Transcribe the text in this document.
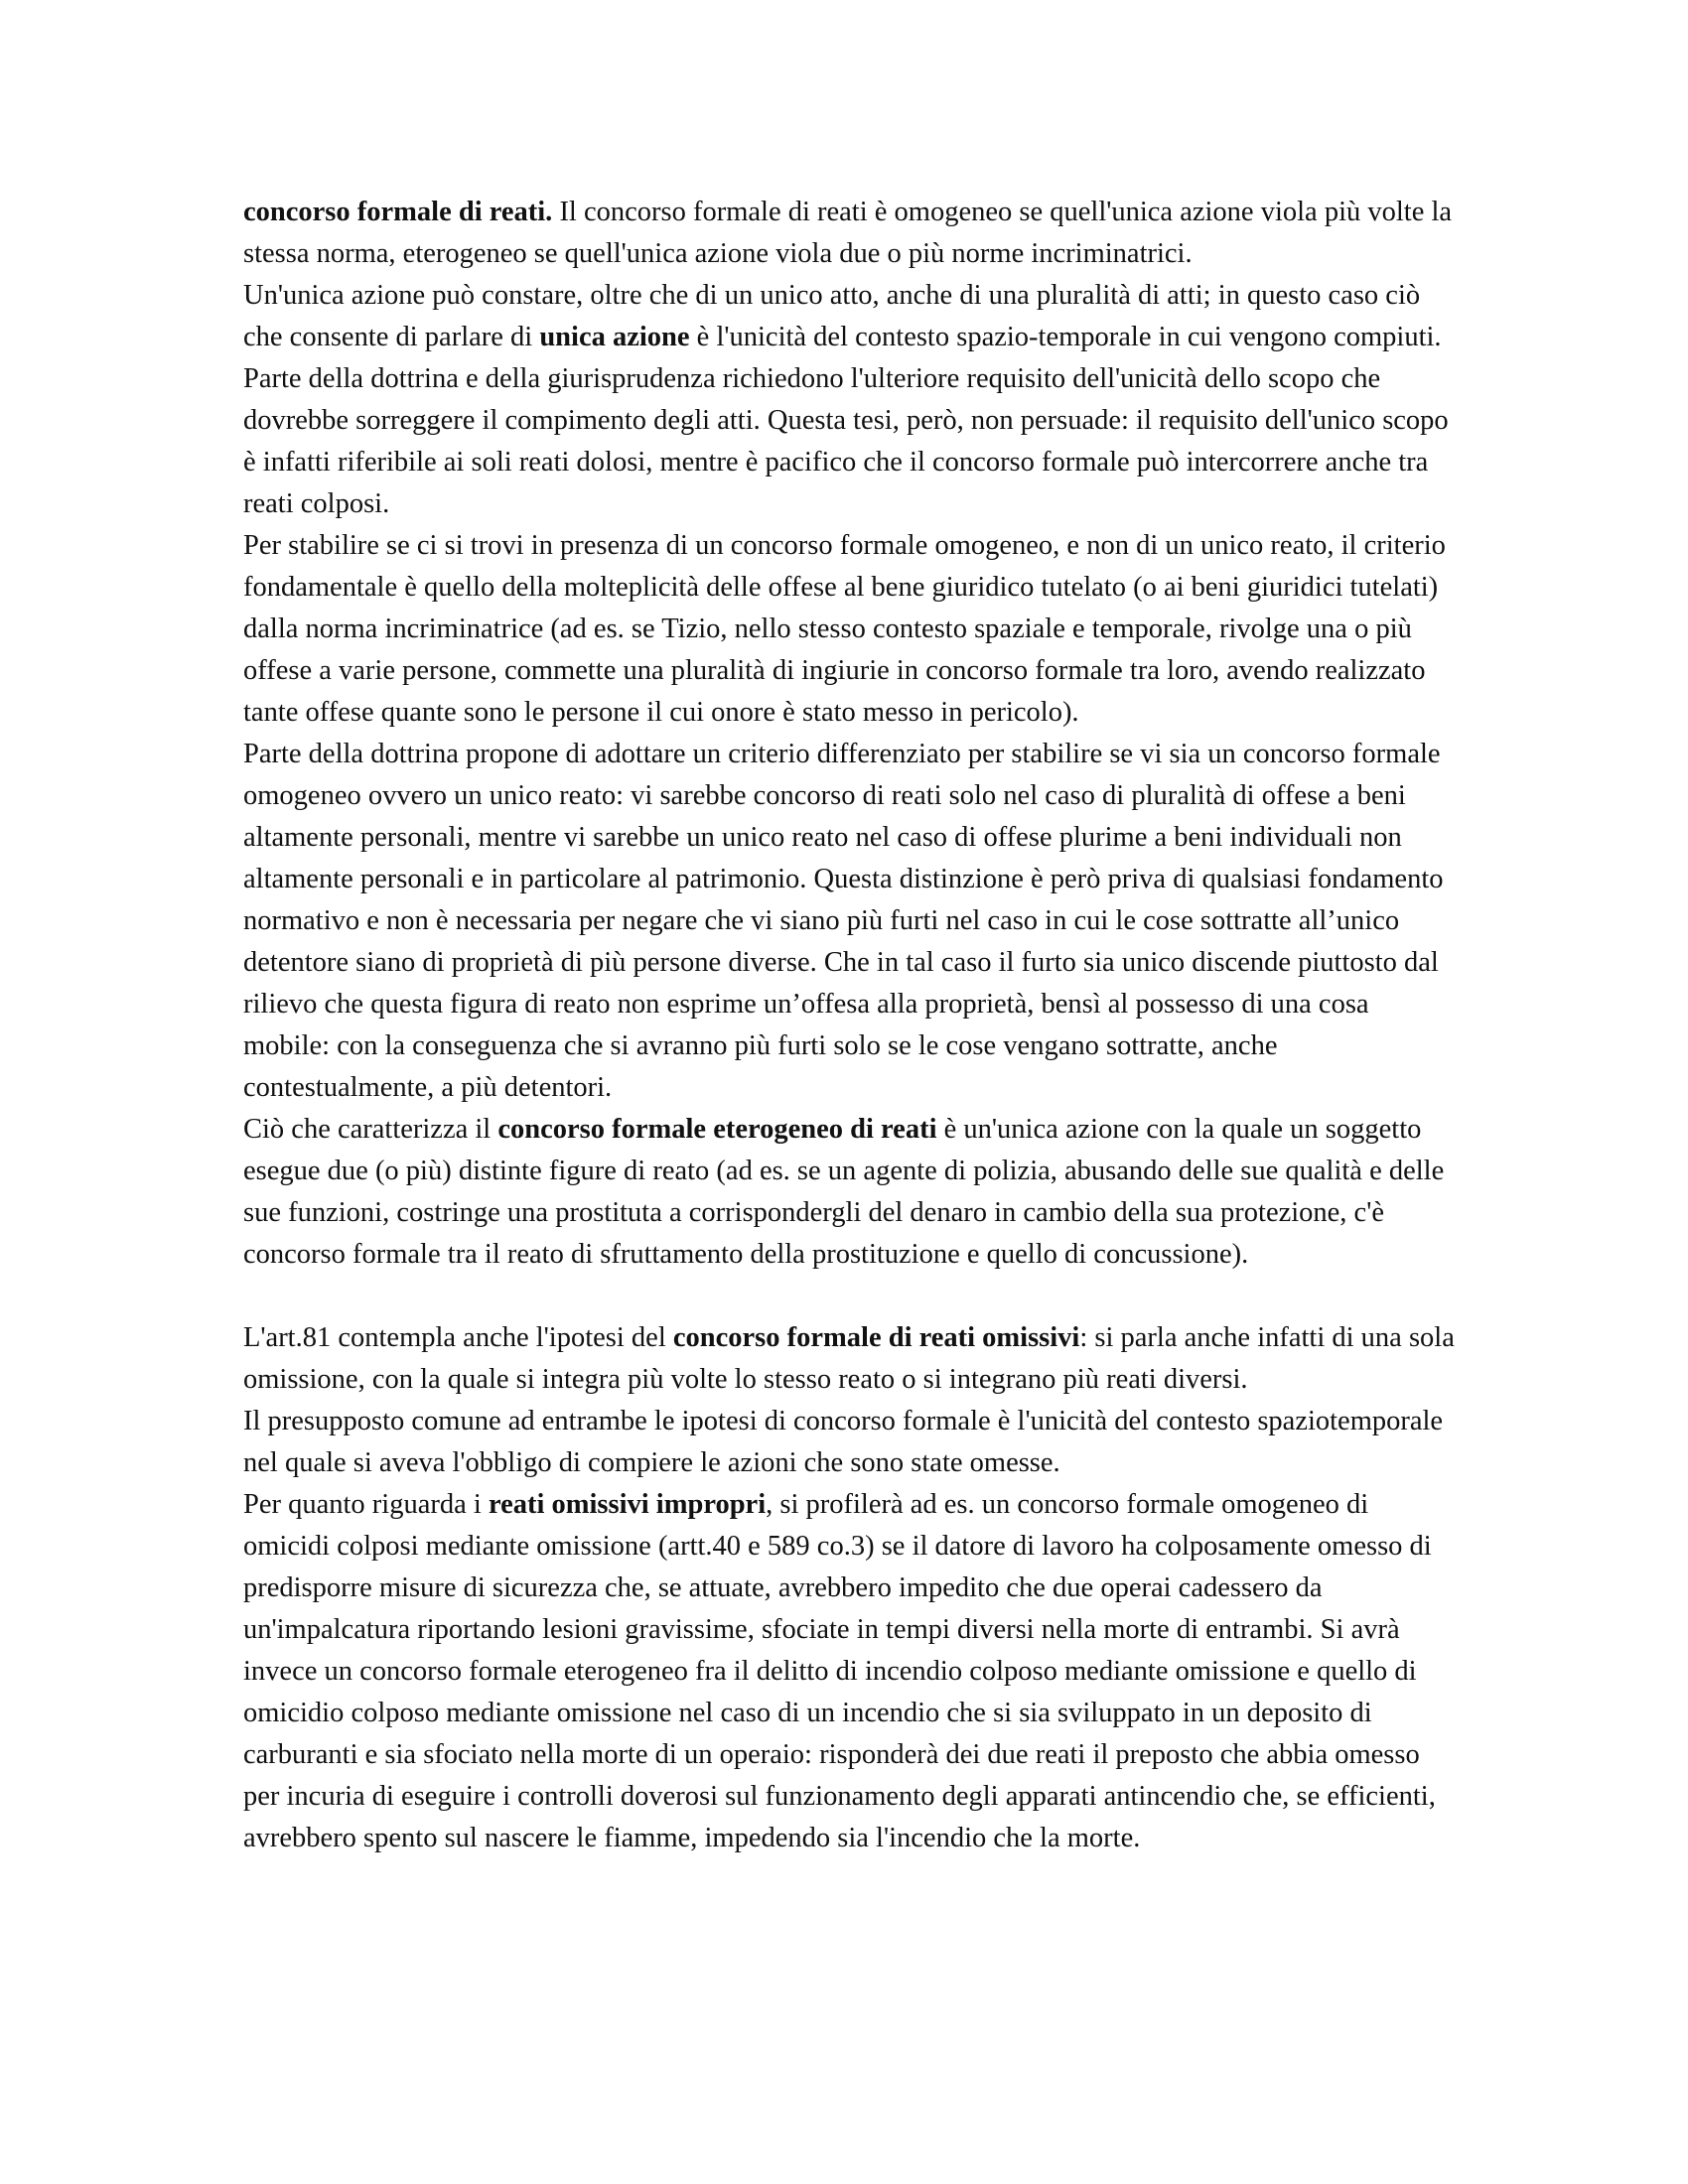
concorso formale di reati. Il concorso formale di reati è omogeneo se quell'unica azione viola più volte la stessa norma, eterogeneo se quell'unica azione viola due o più norme incriminatrici.

Un'unica azione può constare, oltre che di un unico atto, anche di una pluralità di atti; in questo caso ciò che consente di parlare di unica azione è l'unicità del contesto spazio-temporale in cui vengono compiuti.

Parte della dottrina e della giurisprudenza richiedono l'ulteriore requisito dell'unicità dello scopo che dovrebbe sorreggere il compimento degli atti. Questa tesi, però, non persuade: il requisito dell'unico scopo è infatti riferibile ai soli reati dolosi, mentre è pacifico che il concorso formale può intercorrere anche tra reati colposi.

Per stabilire se ci si trovi in presenza di un concorso formale omogeneo, e non di un unico reato, il criterio fondamentale è quello della molteplicità delle offese al bene giuridico tutelato (o ai beni giuridici tutelati) dalla norma incriminatrice (ad es. se Tizio, nello stesso contesto spaziale e temporale, rivolge una o più offese a varie persone, commette una pluralità di ingiurie in concorso formale tra loro, avendo realizzato tante offese quante sono le persone il cui onore è stato messo in pericolo).

Parte della dottrina propone di adottare un criterio differenziato per stabilire se vi sia un concorso formale omogeneo ovvero un unico reato: vi sarebbe concorso di reati solo nel caso di pluralità di offese a beni altamente personali, mentre vi sarebbe un unico reato nel caso di offese plurime a beni individuali non altamente personali e in particolare al patrimonio. Questa distinzione è però priva di qualsiasi fondamento normativo e non è necessaria per negare che vi siano più furti nel caso in cui le cose sottratte all’unico detentore siano di proprietà di più persone diverse. Che in tal caso il furto sia unico discende piuttosto dal rilievo che questa figura di reato non esprime un’offesa alla proprietà, bensì al possesso di una cosa mobile: con la conseguenza che si avranno più furti solo se le cose vengano sottratte, anche contestualmente, a più detentori.

Ciò che caratterizza il concorso formale eterogeneo di reati è un'unica azione con la quale un soggetto esegue due (o più) distinte figure di reato (ad es. se un agente di polizia, abusando delle sue qualità e delle sue funzioni, costringe una prostituta a corrispondergli del denaro in cambio della sua protezione, c'è concorso formale tra il reato di sfruttamento della prostituzione e quello di concussione).

L'art.81 contempla anche l'ipotesi del concorso formale di reati omissivi: si parla anche infatti di una sola omissione, con la quale si integra più volte lo stesso reato o si integrano più reati diversi.

Il presupposto comune ad entrambe le ipotesi di concorso formale è l'unicità del contesto spaziotemporale nel quale si aveva l'obbligo di compiere le azioni che sono state omesse.

Per quanto riguarda i reati omissivi impropri, si profilerà ad es. un concorso formale omogeneo di omicidi colposi mediante omissione (artt.40 e 589 co.3) se il datore di lavoro ha colposamente omesso di predisporre misure di sicurezza che, se attuate, avrebbero impedito che due operai cadessero da un'impalcatura riportando lesioni gravissime, sfociate in tempi diversi nella morte di entrambi. Si avrà invece un concorso formale eterogeneo fra il delitto di incendio colposo mediante omissione e quello di omicidio colposo mediante omissione nel caso di un incendio che si sia sviluppato in un deposito di carburanti e sia sfociato nella morte di un operaio: risponderà dei due reati il preposto che abbia omesso per incuria di eseguire i controlli doverosi sul funzionamento degli apparati antincendio che, se efficienti, avrebbero spento sul nascere le fiamme, impedendo sia l'incendio che la morte.
